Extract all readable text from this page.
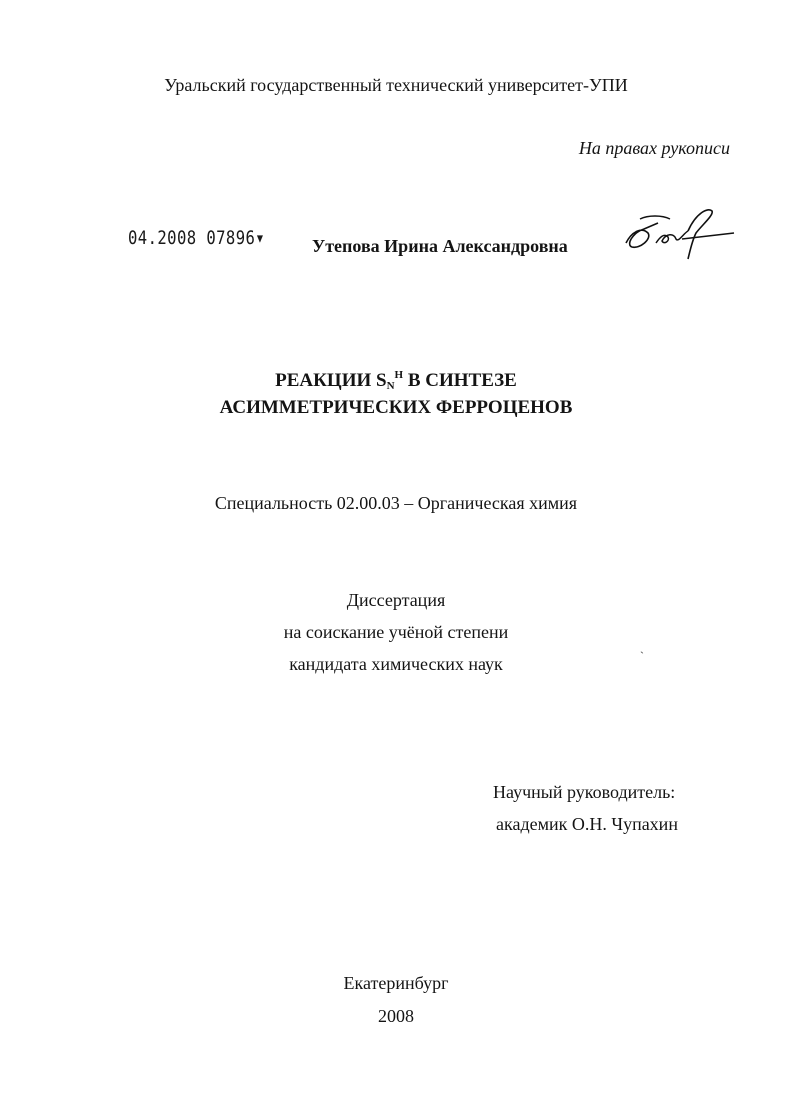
Уральский государственный технический университет-УПИ
На правах рукописи
04.2008 07896▾	Утепова Ирина Александровна
РЕАКЦИИ $S_N^H$ В СИНТЕЗЕ
АСИММЕТРИЧЕСКИХ ФЕРРОЦЕНОВ
Специальность 02.00.03 – Органическая химия
Диссертация
на соискание учёной степени
кандидата химических наук
ˎ
Научный руководитель:
академик О.Н. Чупахин
Екатеринбург
2008
